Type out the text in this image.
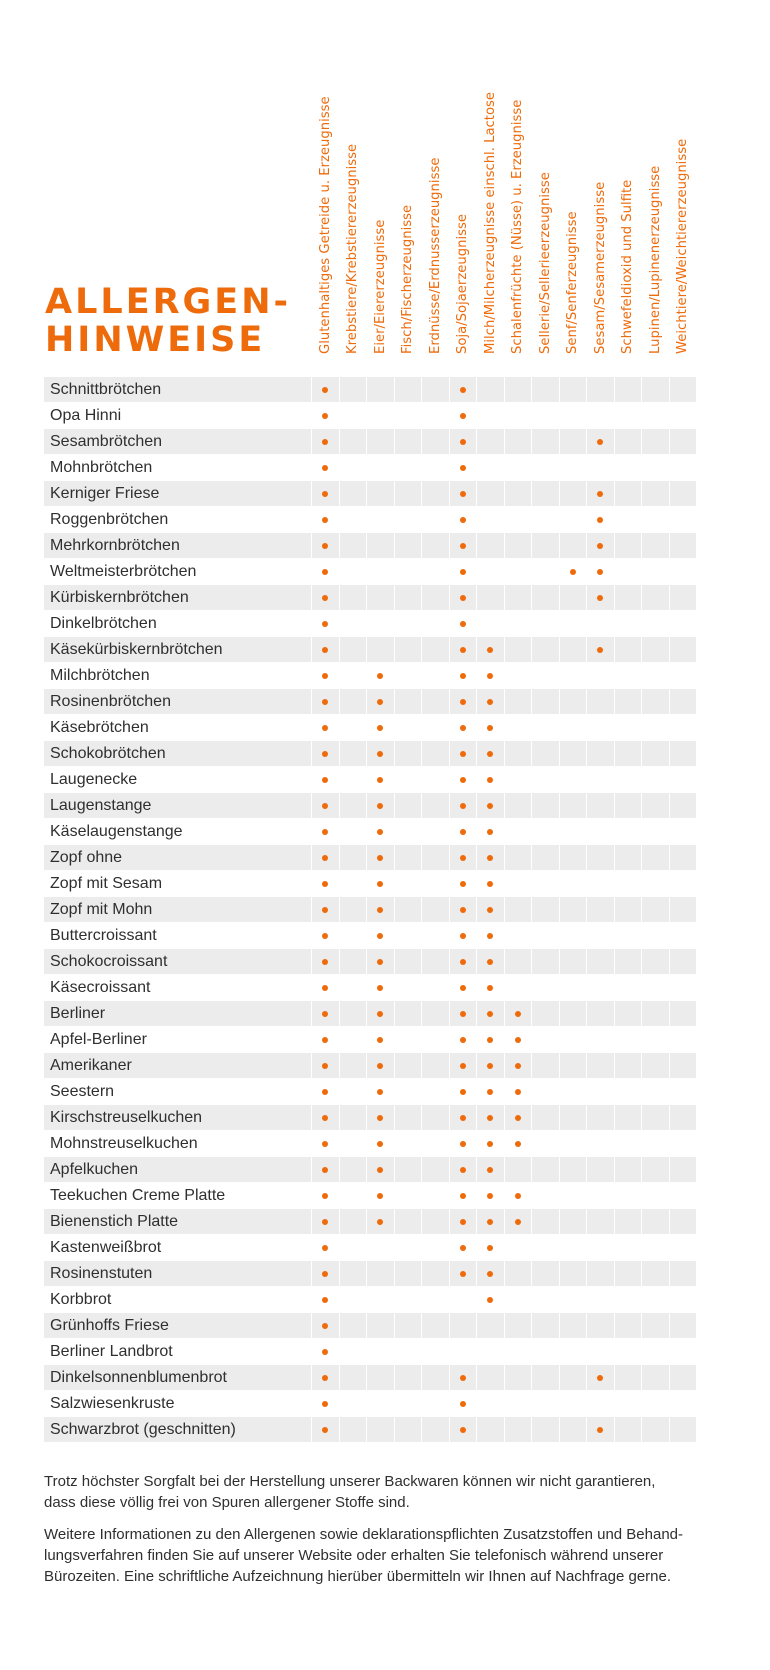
ALLERGEN-
HINWEISE	Glutenhaltiges Getreide u. Erzeugnisse Krebstiere/Krebstiererzeugnisse Eier/Eiererzeugnisse Fisch/Fischerzeugnisse Erdnüsse/Erdnusserzeugnisse Soja/Sojaerzeugnisse Milch/Milcherzeugnisse einschl. Lactose Schalenfrüchte (Nüsse) u. Erzeugnisse Sellerie/Sellerieerzeugnisse Senf/Senferzeugnisse Sesam/Sesamerzeugnisse Schwefeldioxid und Sulfite Lupinen/Lupinenerzeugnisse Weichtiere/Weichtiererzeugnisse
Schnittbrötchen
Opa Hinni
Sesambrötchen
Mohnbrötchen
Kerniger Friese
Roggenbrötchen
Mehrkornbrötchen
Weltmeisterbrötchen
Kürbiskernbrötchen
Dinkelbrötchen
Käsekürbiskernbrötchen
Milchbrötchen
Rosinenbrötchen
Käsebrötchen
Schokobrötchen
Laugenecke
Laugenstange
Käselaugenstange
Zopf ohne
Zopf mit Sesam
Zopf mit Mohn
Buttercroissant
Schokocroissant
Käsecroissant
Berliner
Apfel-Berliner
Amerikaner
Seestern
Kirschstreuselkuchen
Mohnstreuselkuchen
Apfelkuchen
Teekuchen Creme Platte
Bienenstich Platte
Kastenweißbrot
Rosinenstuten
Korbbrot
Grünhoffs Friese
Berliner Landbrot
Dinkelsonnenblumenbrot
Salzwiesenkruste
Schwarzbrot (geschnitten)

Trotz höchster Sorgfalt bei der Herstellung unserer Backwaren können wir nicht garantieren,
dass diese völlig frei von Spuren allergener Stoffe sind.

Weitere Informationen zu den Allergenen sowie deklarationspflichten Zusatzstoffen und Behand-
lungsverfahren finden Sie auf unserer Website oder erhalten Sie telefonisch während unserer
Bürozeiten. Eine schriftliche Aufzeichnung hierüber übermitteln wir Ihnen auf Nachfrage gerne.
